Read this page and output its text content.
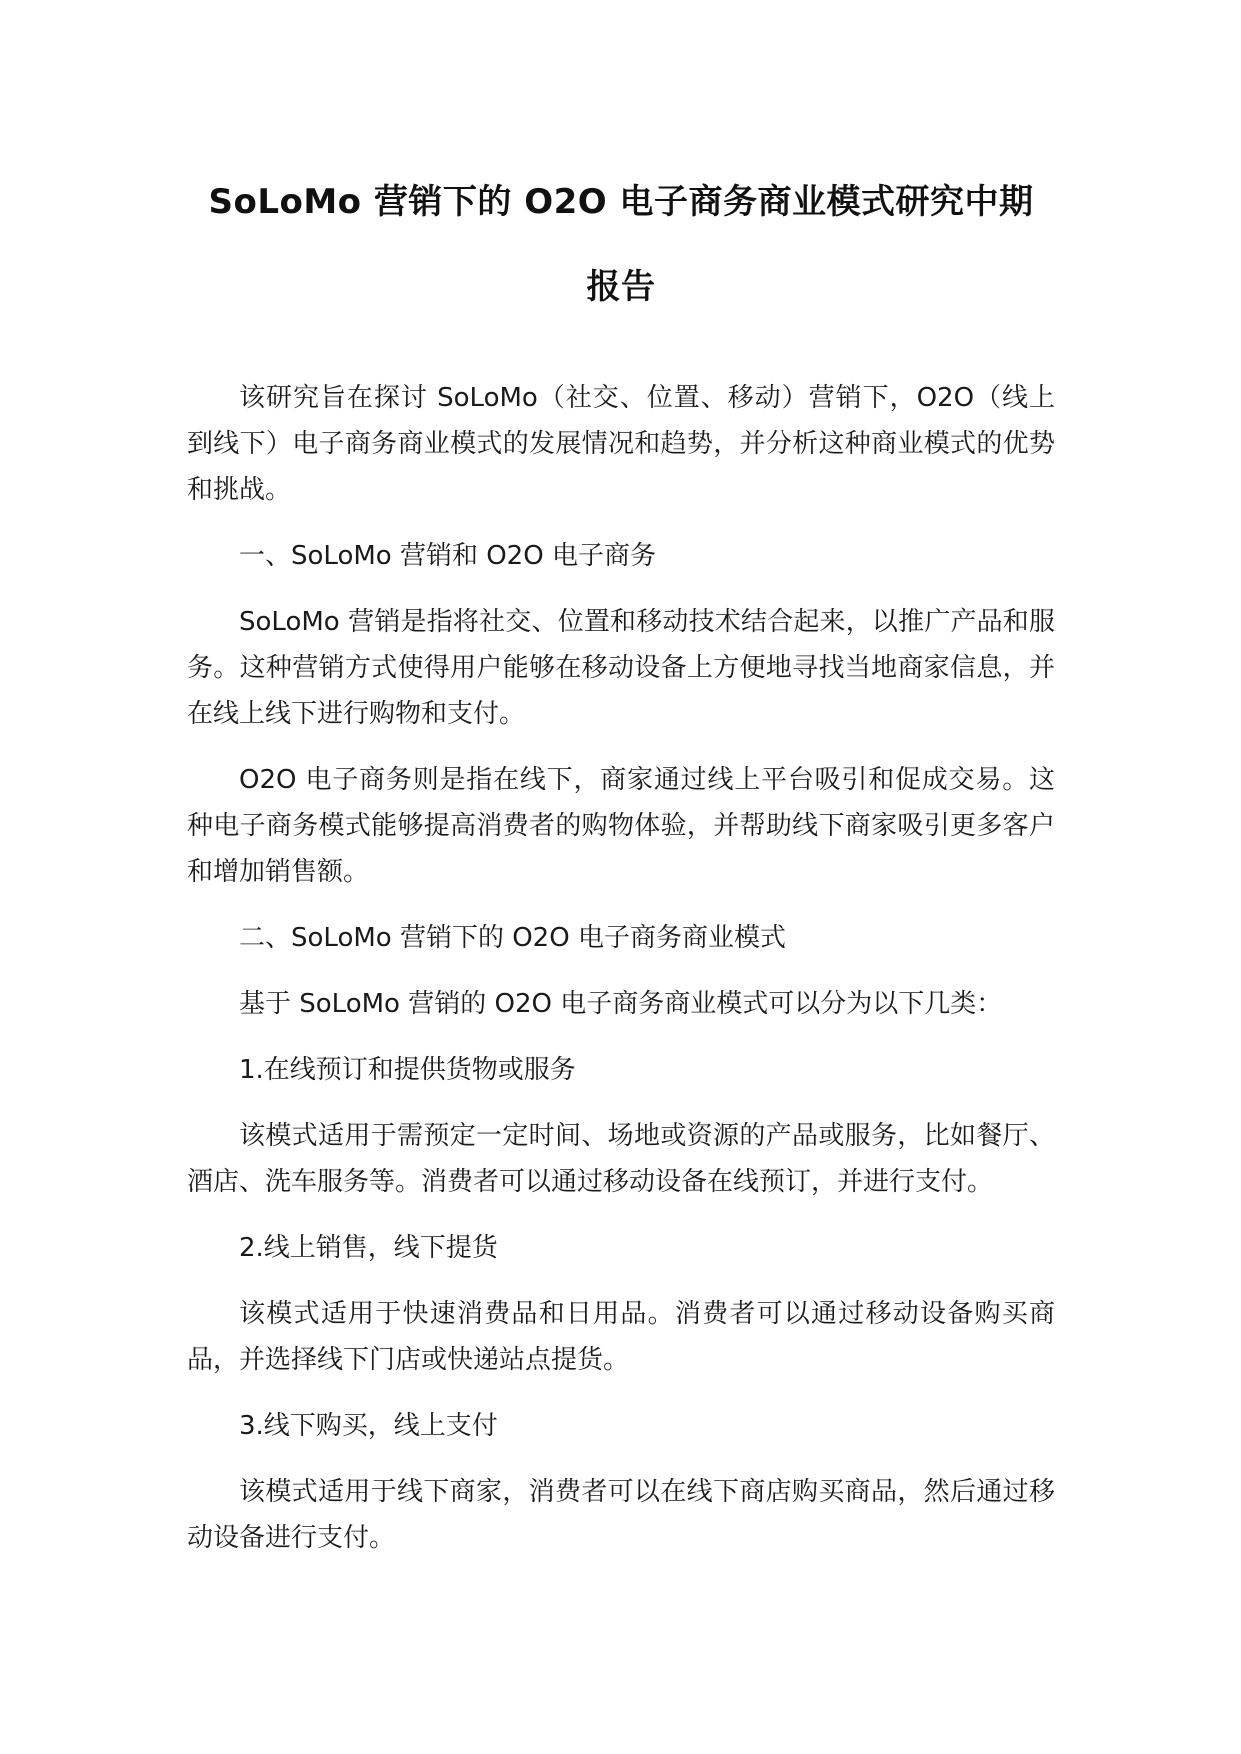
SoLoMo 营销下的 O2O 电子商务商业模式研究中期
报告

该研究旨在探讨 SoLoMo（社交、位置、移动）营销下，O2O（线上到线下）电子商务商业模式的发展情况和趋势，并分析这种商业模式的优势和挑战。

一、SoLoMo 营销和 O2O 电子商务

SoLoMo 营销是指将社交、位置和移动技术结合起来，以推广产品和服务。这种营销方式使得用户能够在移动设备上方便地寻找当地商家信息，并在线上线下进行购物和支付。

O2O 电子商务则是指在线下，商家通过线上平台吸引和促成交易。这种电子商务模式能够提高消费者的购物体验，并帮助线下商家吸引更多客户和增加销售额。

二、SoLoMo 营销下的 O2O 电子商务商业模式

基于 SoLoMo 营销的 O2O 电子商务商业模式可以分为以下几类：

1.在线预订和提供货物或服务

该模式适用于需预定一定时间、场地或资源的产品或服务，比如餐厅、酒店、洗车服务等。消费者可以通过移动设备在线预订，并进行支付。

2.线上销售，线下提货

该模式适用于快速消费品和日用品。消费者可以通过移动设备购买商品，并选择线下门店或快递站点提货。

3.线下购买，线上支付

该模式适用于线下商家，消费者可以在线下商店购买商品，然后通过移动设备进行支付。
